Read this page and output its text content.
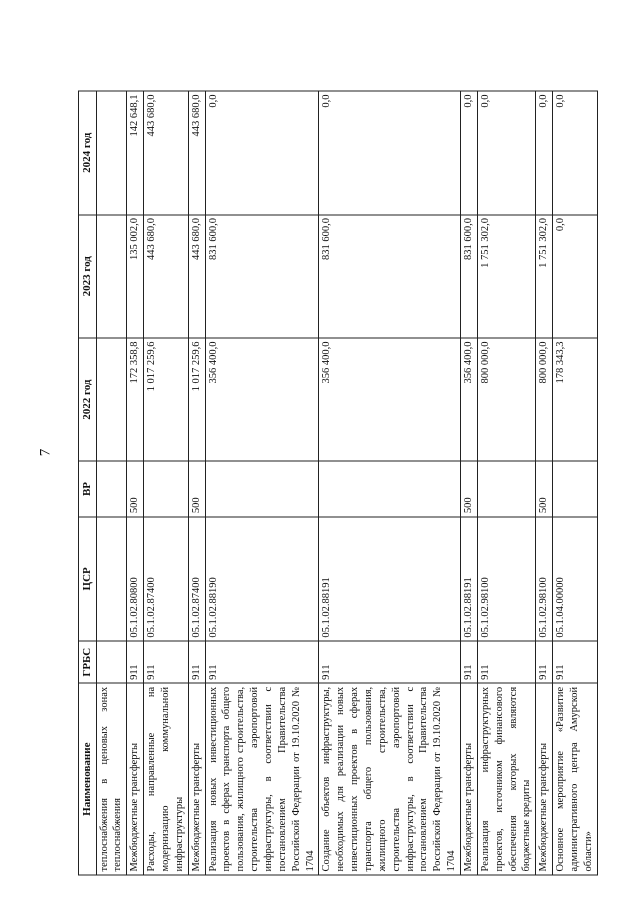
7
Наименование	ГРБС	ЦСР	ВР	2022 год	2023 год	2024 год
теплоснабжения в ценовых зонах теплоснабжения						
Межбюджетные трансферты	911	05.1.02.80800	500	172 358,8	135 002,0	142 648,1
Расходы, направленные на модернизацию коммунальной инфраструктуры	911	05.1.02.87400		1 017 259,6	443 680,0	443 680,0
Межбюджетные трансферты	911	05.1.02.87400	500	1 017 259,6	443 680,0	443 680,0
Реализация новых инвестиционных проектов в сферах транспорта общего пользования, жилищного строительства, строительства аэропортовой инфраструктуры, в соответствии с постановлением Правительства Российской Федерации от 19.10.2020 № 1704	911	05.1.02.88190		356 400,0	831 600,0	0,0
Создание объектов инфраструктуры, необходимых для реализации новых инвестиционных проектов в сферах транспорта общего пользования, жилищного строительства, строительства аэропортовой инфраструктуры, в соответствии с постановлением Правительства Российской Федерации от 19.10.2020 № 1704	911	05.1.02.88191		356 400,0	831 600,0	0,0
Межбюджетные трансферты	911	05.1.02.88191	500	356 400,0	831 600,0	0,0
Реализация инфраструктурных проектов, источником финансового обеспечения которых являются бюджетные кредиты	911	05.1.02.98100		800 000,0	1 751 302,0	0,0
Межбюджетные трансферты	911	05.1.02.98100	500	800 000,0	1 751 302,0	0,0
Основное мероприятие «Развитие административного центра Амурской области»	911	05.1.04.00000		178 343,3	0,0	0,0
